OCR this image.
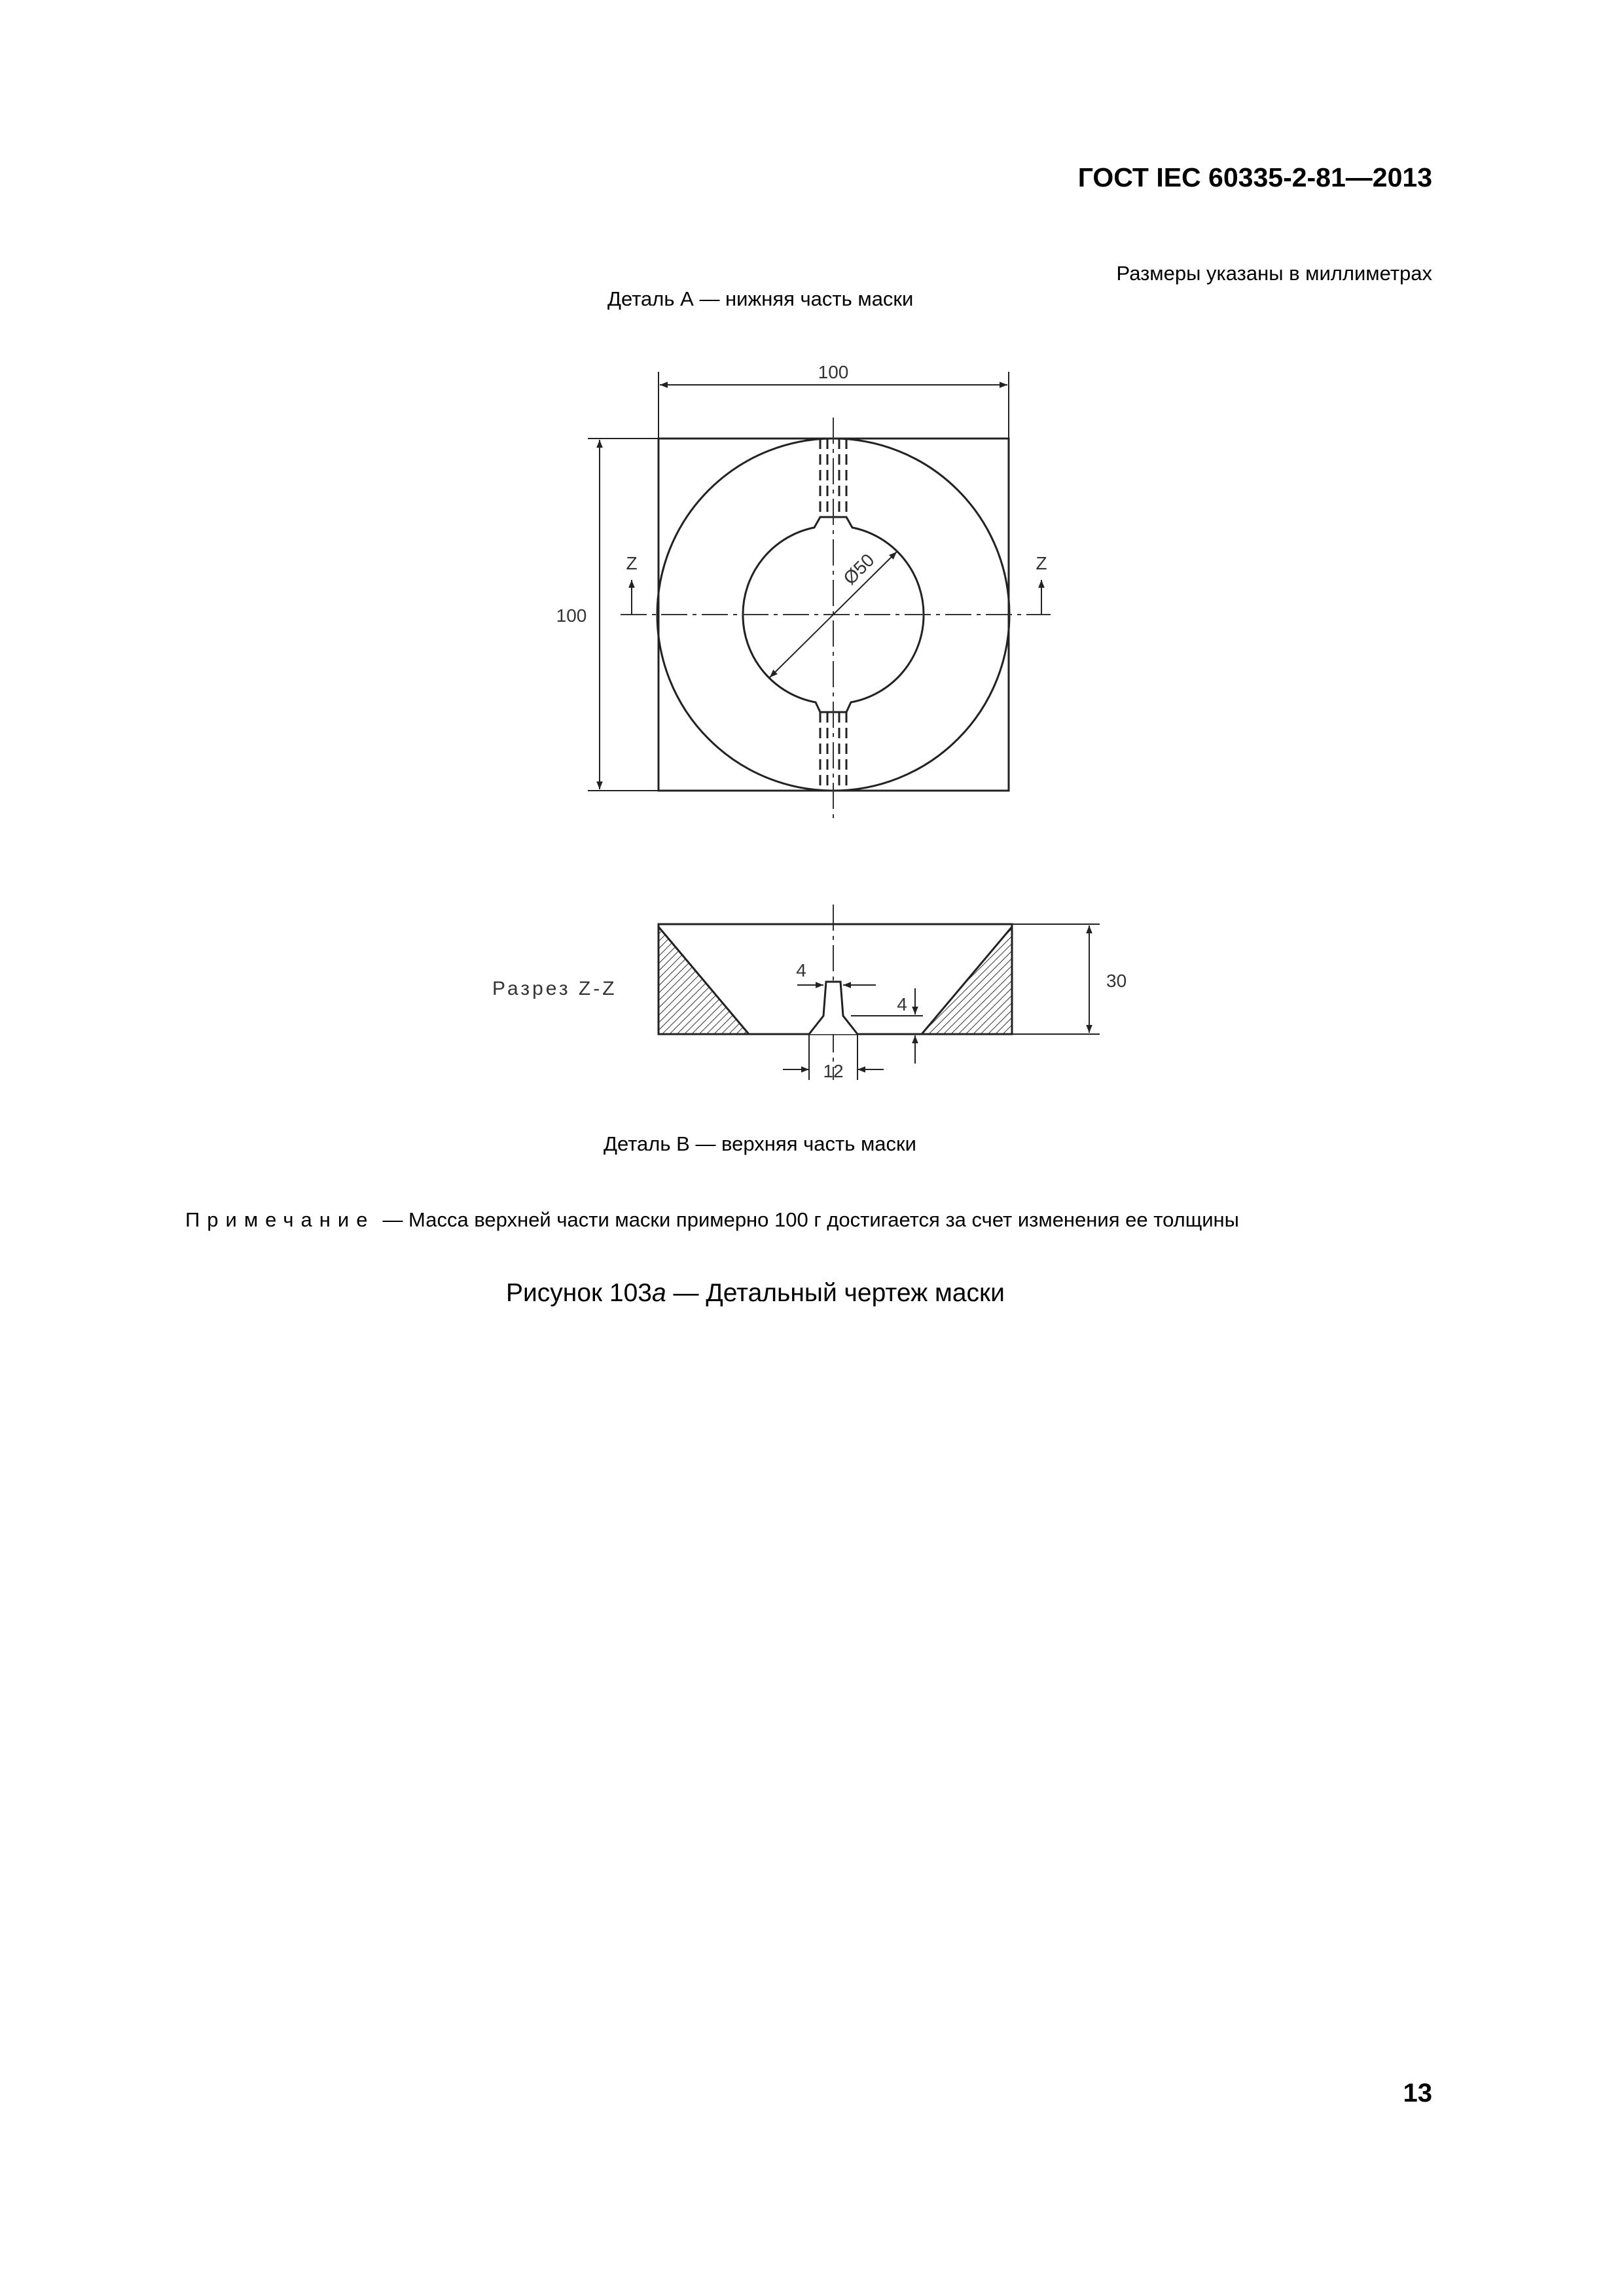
ГОСТ IEC 60335-2-81—2013
Размеры указаны в миллиметрах
Деталь А — нижняя часть маски
100
100
Ø50
Z	Z
Разрез Z-Z
4
4
12
30
Деталь В — верхняя часть маски
Примечание — Масса верхней части маски примерно 100 г достигается за счет изменения ее толщины
Рисунок 103а — Детальный чертеж маски
13
